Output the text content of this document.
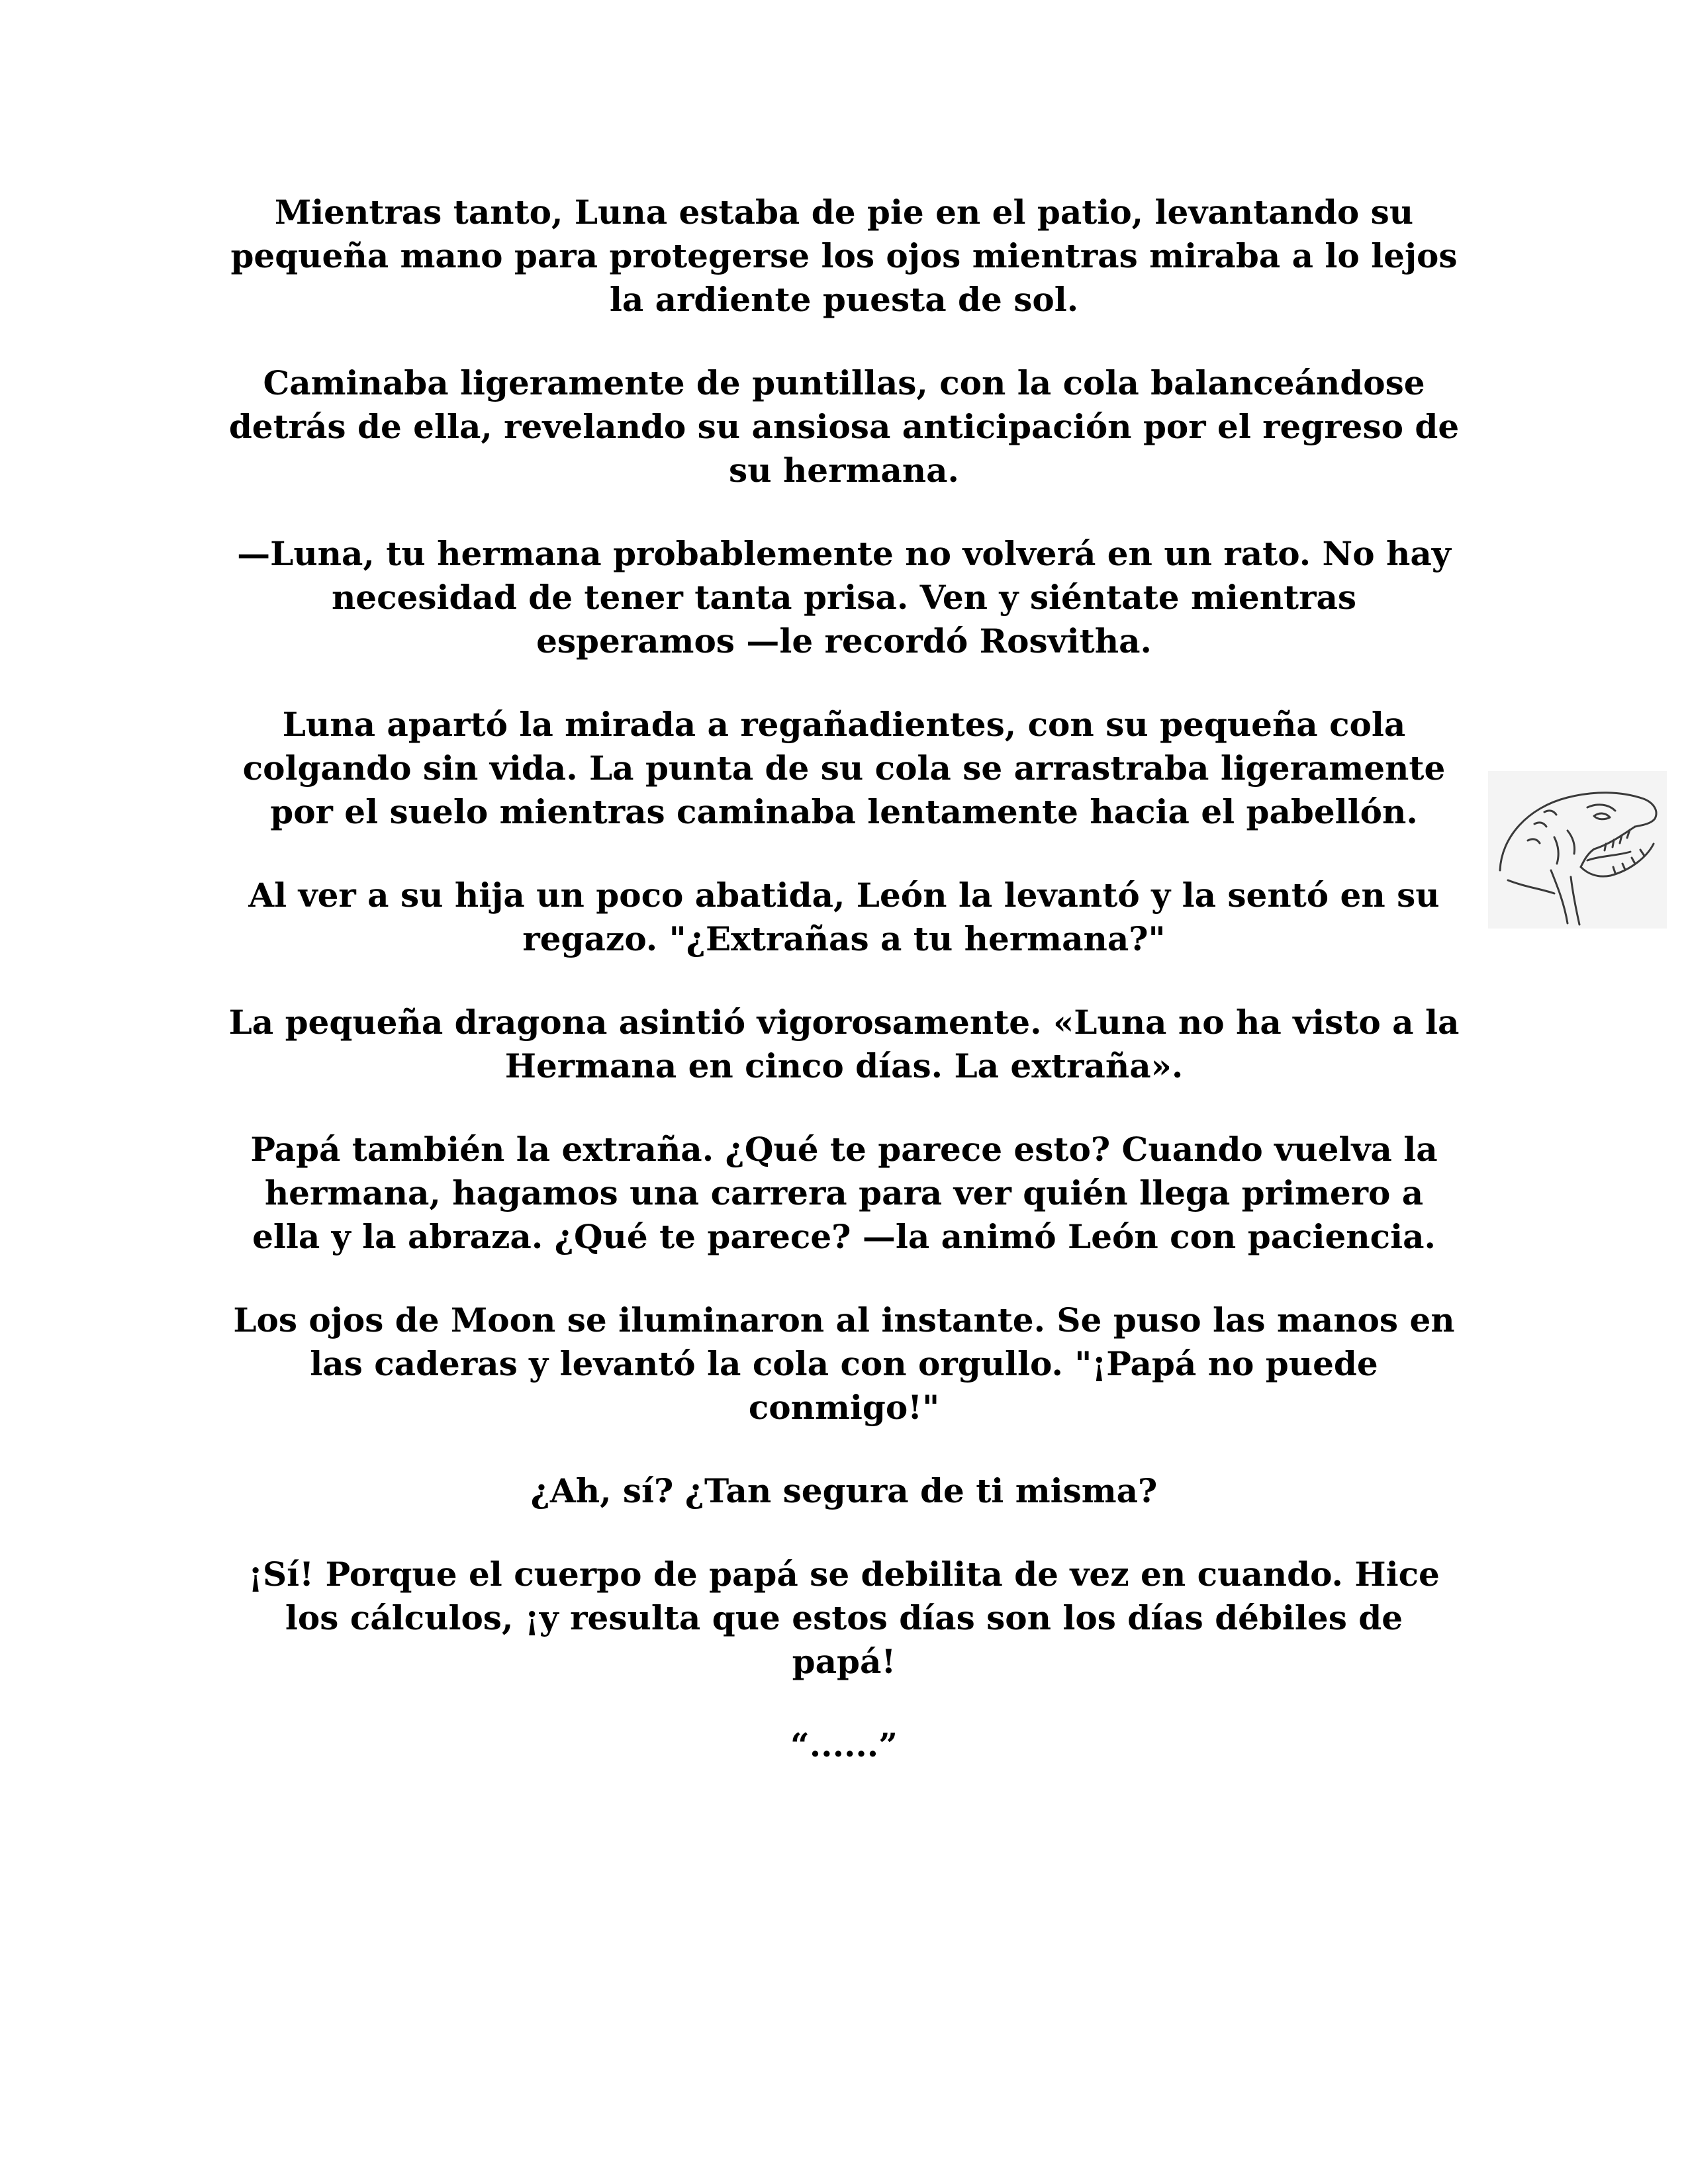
Mientras tanto, Luna estaba de pie en el patio, levantando su pequeña mano para protegerse los ojos mientras miraba a lo lejos la ardiente puesta de sol.

Caminaba ligeramente de puntillas, con la cola balanceándose detrás de ella, revelando su ansiosa anticipación por el regreso de su hermana.

—Luna, tu hermana probablemente no volverá en un rato. No hay necesidad de tener tanta prisa. Ven y siéntate mientras esperamos —le recordó Rosvitha.

Luna apartó la mirada a regañadientes, con su pequeña cola colgando sin vida. La punta de su cola se arrastraba ligeramente por el suelo mientras caminaba lentamente hacia el pabellón.

Al ver a su hija un poco abatida, León la levantó y la sentó en su regazo. "¿Extrañas a tu hermana?"

La pequeña dragona asintió vigorosamente. «Luna no ha visto a la Hermana en cinco días. La extraña».

Papá también la extraña. ¿Qué te parece esto? Cuando vuelva la hermana, hagamos una carrera para ver quién llega primero a ella y la abraza. ¿Qué te parece? —la animó León con paciencia.

Los ojos de Moon se iluminaron al instante. Se puso las manos en las caderas y levantó la cola con orgullo. "¡Papá no puede conmigo!"

¿Ah, sí? ¿Tan segura de ti misma?

¡Sí! Porque el cuerpo de papá se debilita de vez en cuando. Hice los cálculos, ¡y resulta que estos días son los días débiles de papá!

“......”
